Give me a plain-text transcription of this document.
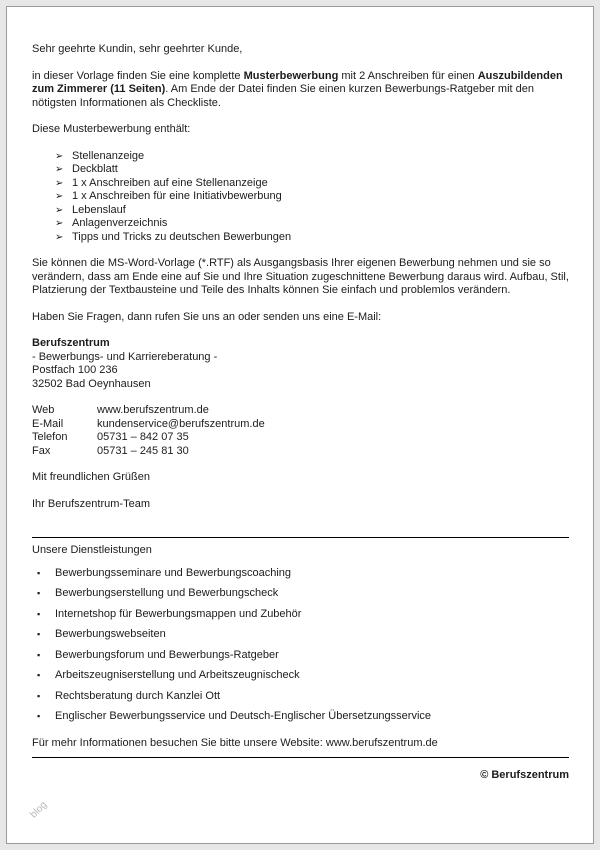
Sehr geehrte Kundin, sehr geehrter Kunde,

in dieser Vorlage finden Sie eine komplette Musterbewerbung mit 2 Anschreiben für einen Auszubildenden zum Zimmerer (11 Seiten). Am Ende der Datei finden Sie einen kurzen Bewerbungs-Ratgeber mit den nötigsten Informationen als Checkliste.

Diese Musterbewerbung enthält:

➢ Stellenanzeige
➢ Deckblatt
➢ 1 x Anschreiben auf eine Stellenanzeige
➢ 1 x Anschreiben für eine Initiativbewerbung
➢ Lebenslauf
➢ Anlagenverzeichnis
➢ Tipps und Tricks zu deutschen Bewerbungen

Sie können die MS-Word-Vorlage (*.RTF) als Ausgangsbasis Ihrer eigenen Bewerbung nehmen und sie so verändern, dass am Ende eine auf Sie und Ihre Situation zugeschnittene Bewerbung daraus wird. Aufbau, Stil, Platzierung der Textbausteine und Teile des Inhalts können Sie einfach und problemlos verändern.

Haben Sie Fragen, dann rufen Sie uns an oder senden uns eine E-Mail:

Berufszentrum
- Bewerbungs- und Karriereberatung -
Postfach 100 236
32502 Bad Oeynhausen
Web	www.berufszentrum.de
E-Mail	kundenservice@berufszentrum.de
Telefon	05731 – 842 07 35
Fax	05731 – 245 81 30

Mit freundlichen Grüßen

Ihr Berufszentrum-Team

Unsere Dienstleistungen

▪	Bewerbungsseminare und Bewerbungscoaching
▪	Bewerbungserstellung und Bewerbungscheck
▪	Internetshop für Bewerbungsmappen und Zubehör
▪	Bewerbungswebseiten
▪	Bewerbungsforum und Bewerbungs-Ratgeber
▪	Arbeitszeugniserstellung und Arbeitszeugnischeck
▪	Rechtsberatung durch Kanzlei Ott
▪	Englischer Bewerbungsservice und Deutsch-Englischer Übersetzungsservice

Für mehr Informationen besuchen Sie bitte unsere Website: www.berufszentrum.de

© Berufszentrum

blog
